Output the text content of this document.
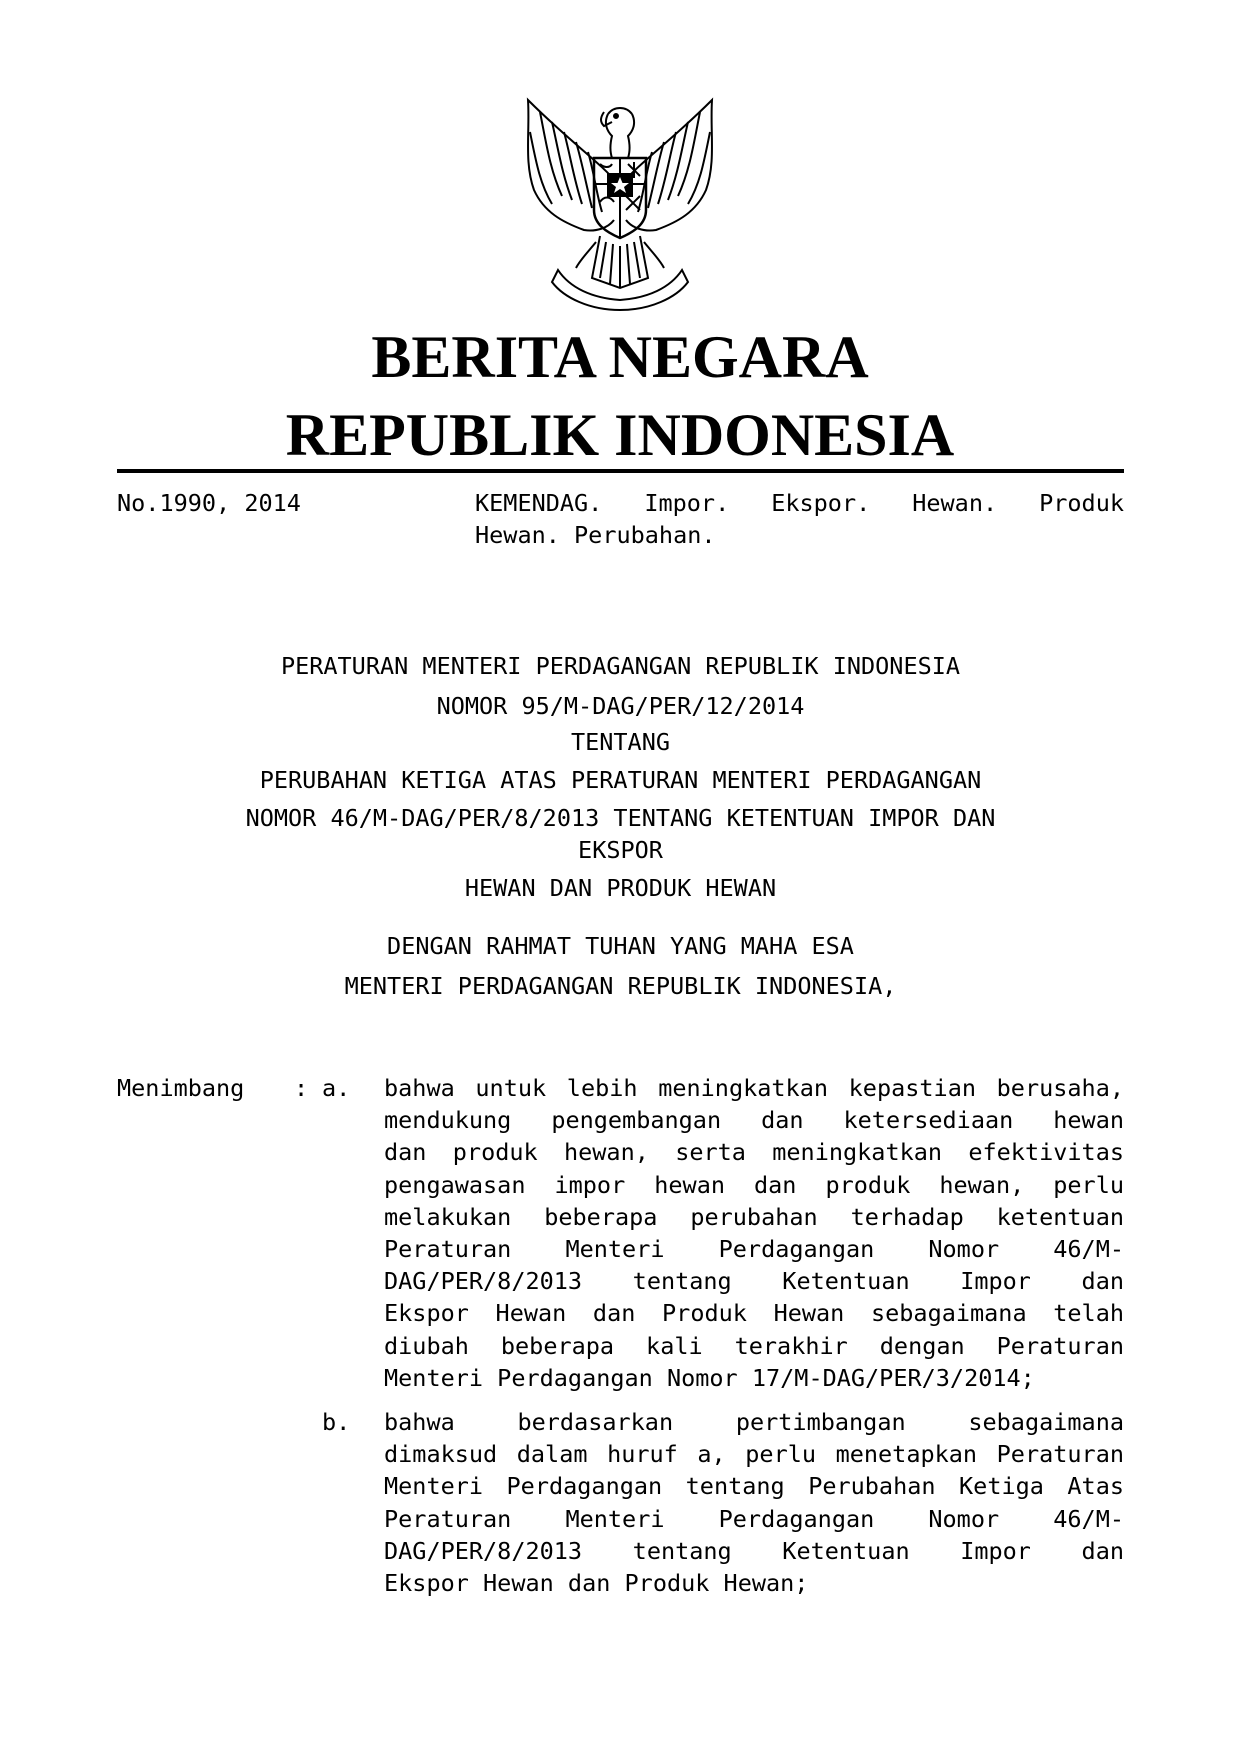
BERITA NEGARA
REPUBLIK INDONESIA
No.1990, 2014	KEMENDAG. Impor. Ekspor. Hewan. Produk
Hewan. Perubahan.
PERATURAN MENTERI PERDAGANGAN REPUBLIK INDONESIA
NOMOR 95/M-DAG/PER/12/2014
TENTANG
PERUBAHAN KETIGA ATAS PERATURAN MENTERI PERDAGANGAN
NOMOR 46/M-DAG/PER/8/2013 TENTANG KETENTUAN IMPOR DAN
EKSPOR
HEWAN DAN PRODUK HEWAN
DENGAN RAHMAT TUHAN YANG MAHA ESA
MENTERI PERDAGANGAN REPUBLIK INDONESIA,
Menimbang : a. bahwa untuk lebih meningkatkan kepastian berusaha,
mendukung pengembangan dan ketersediaan hewan
dan produk hewan, serta meningkatkan efektivitas
pengawasan impor hewan dan produk hewan, perlu
melakukan beberapa perubahan terhadap ketentuan
Peraturan Menteri Perdagangan Nomor 46/M-
DAG/PER/8/2013 tentang Ketentuan Impor dan
Ekspor Hewan dan Produk Hewan sebagaimana telah
diubah beberapa kali terakhir dengan Peraturan
Menteri Perdagangan Nomor 17/M-DAG/PER/3/2014;
b. bahwa berdasarkan pertimbangan sebagaimana
dimaksud dalam huruf a, perlu menetapkan Peraturan
Menteri Perdagangan tentang Perubahan Ketiga Atas
Peraturan Menteri Perdagangan Nomor 46/M-
DAG/PER/8/2013 tentang Ketentuan Impor dan
Ekspor Hewan dan Produk Hewan;
